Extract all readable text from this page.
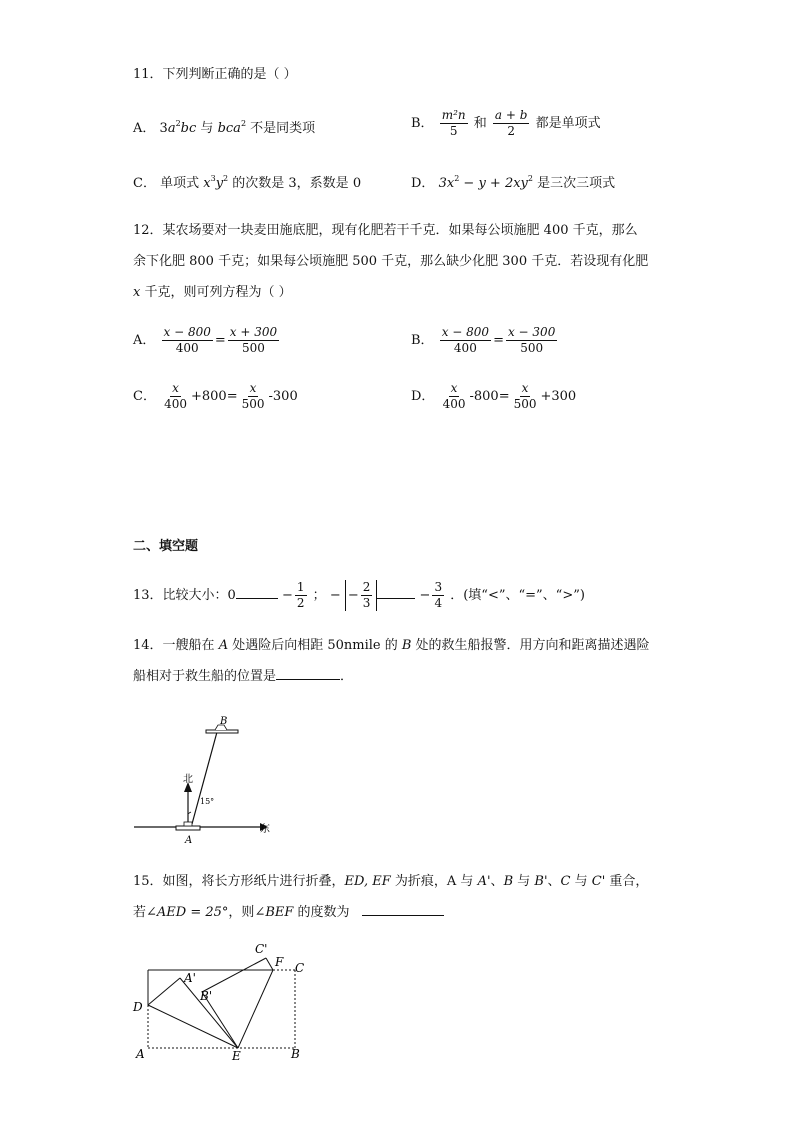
11．下列判断正确的是（ ）
A． $3a^2bc$ 与 bca$^2$ 不是同类项	B． $\frac{\text{m²n}}{5}$ 和 $\frac{a + b}{2}$ 都是单项式
C． 单项式 $x^3y^2$ 的次数是 3，系数是 0	D． $3x^2 - y + 2xy^2$ 是三次三项式
12．某农场要对一块麦田施底肥，现有化肥若干千克．如果每公顷施肥 400 千克，那么
余下化肥 800 千克；如果每公顷施肥 500 千克，那么缺少化肥 300 千克．若设现有化肥
x 千克，则可列方程为（ ）
A． $\frac{x - 800}{400} = \frac{x + 300}{500}$	B． $\frac{x - 800}{400} = \frac{x - 300}{500}$
C． $\frac{x}{400} +800= \frac{x}{500} -300$	D． $\frac{x}{400} -800= \frac{x}{500} +300$
二、填空题
13．比较大小：0	− $\frac{1}{2}$ ； − − $\frac{2}{3}$	− $\frac{3}{4}$ ．(填“<”、“=”、“>”)
14．一艘船在 A 处遇险后向相距 50nmile 的 B 处的救生船报警．用方向和距离描述遇险
船相对于救生船的位置是	．
B
A
北
东
15°
15．如图，将长方形纸片进行折叠，ED, EF 为折痕，A 与 A'、B 与 B'、C 与 C' 重合，
若∠AED = 25°，则∠BEF 的度数为
C'
F C
A'
B'
D
A	E	B
